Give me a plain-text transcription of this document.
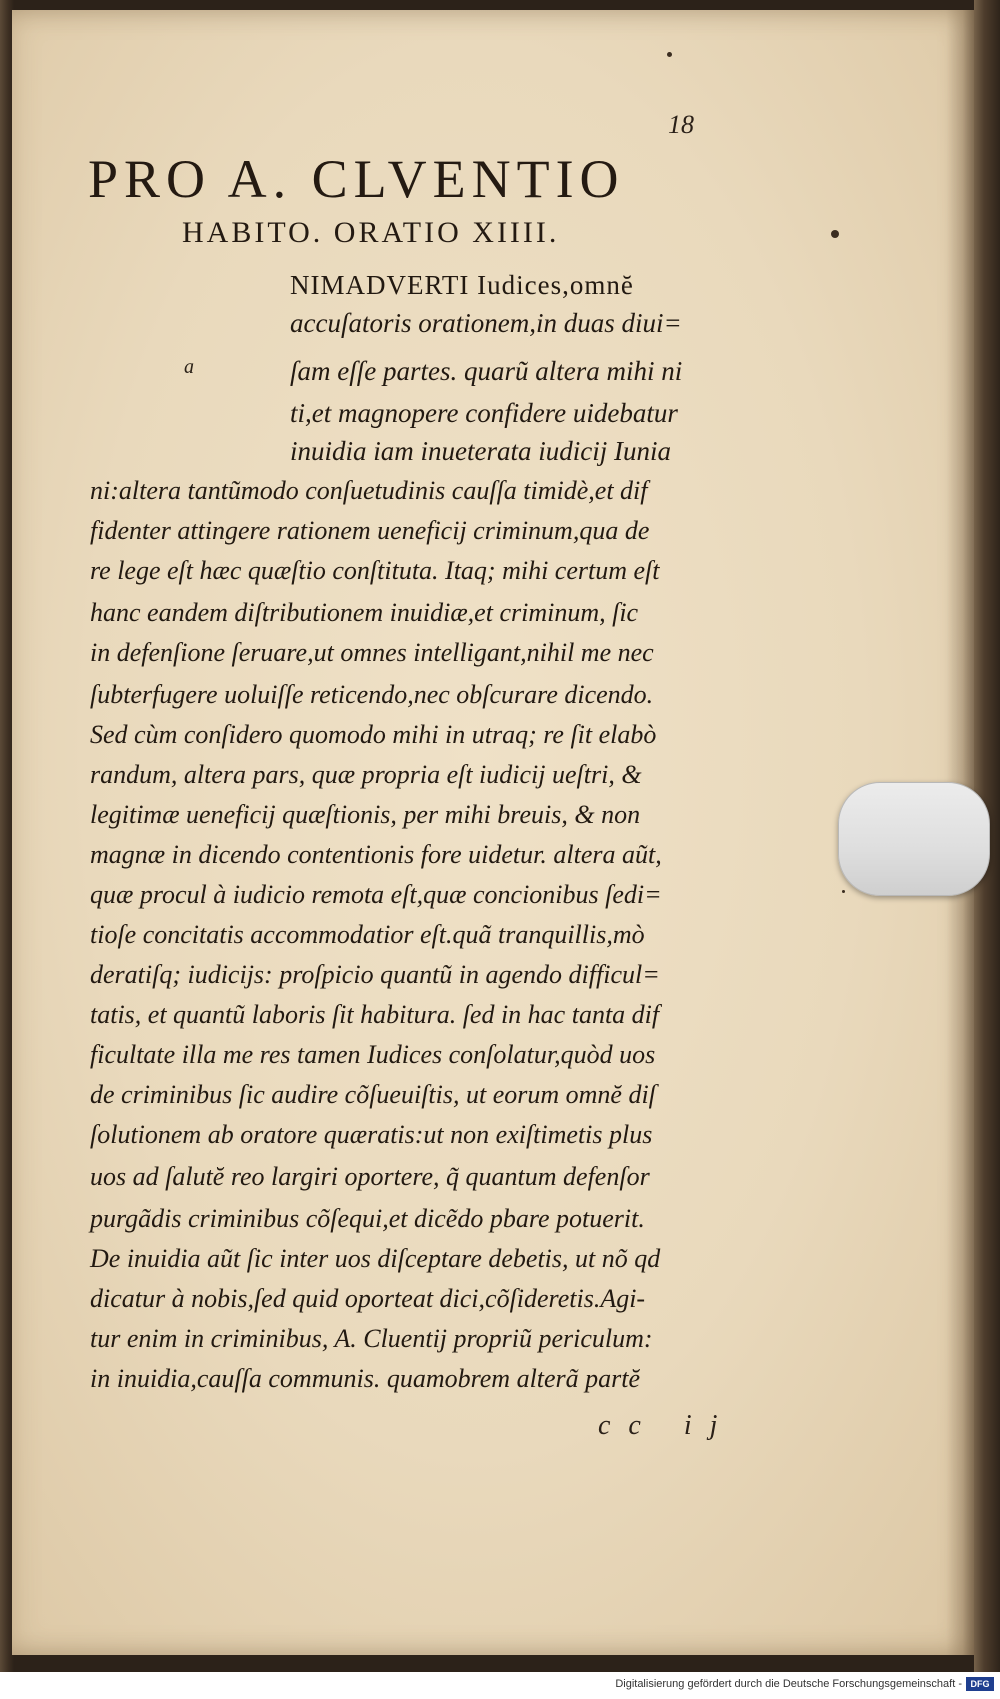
18
PRO A. CLVENTIO
HABITO. ORATIO XIIII.
a
NIMADVERTI Iudices,omnĕ
accuſatoris orationem,in duas diui=
ſam eſſe partes. quarũ altera mihi ni
ti,et magnopere confidere uidebatur
inuidia iam inueterata iudicij Iunia
ni:altera tantũmodo conſuetudinis cauſſa timidè,et dif
fidenter attingere rationem ueneficij criminum,qua de
re lege eſt hæc quæſtio conſtituta. Itaq; mihi certum eſt
hanc eandem diſtributionem inuidiæ,et criminum, ſic
in defenſione ſeruare,ut omnes intelligant,nihil me nec
ſubterfugere uoluiſſe reticendo,nec obſcurare dicendo.
Sed cùm conſidero quomodo mihi in utraq; re ſit elabò
randum, altera pars, quæ propria eſt iudicij ueſtri, &
legitimæ ueneficij quæſtionis, per mihi breuis, & non
magnæ in dicendo contentionis fore uidetur. altera aũt,
quæ procul à iudicio remota eſt,quæ concionibus ſedi=
tioſe concitatis accommodatior eſt.quã tranquillis,mò
deratiſq; iudicijs: proſpicio quantũ in agendo difficul=
tatis, et quantũ laboris ſit habitura. ſed in hac tanta dif
ficultate illa me res tamen Iudices conſolatur,quòd uos
de criminibus ſic audire cõſueuiſtis, ut eorum omnĕ diſ
ſolutionem ab oratore quæratis:ut non exiſtimetis plus
uos ad ſalutĕ reo largiri oportere, q̃ quantum defenſor
purgãdis criminibus cõſequi,et dicẽdo pbare potuerit.
De inuidia aũt ſic inter uos diſceptare debetis, ut nõ qd
dicatur à nobis,ſed quid oporteat dici,cõſideretis.Agi-
tur enim in criminibus, A. Cluentij propriũ periculum:
in inuidia,cauſſa communis. quamobrem alterã partĕ
cc ij
Digitalisierung gefördert durch die Deutsche Forschungsgemeinschaft - DFG
